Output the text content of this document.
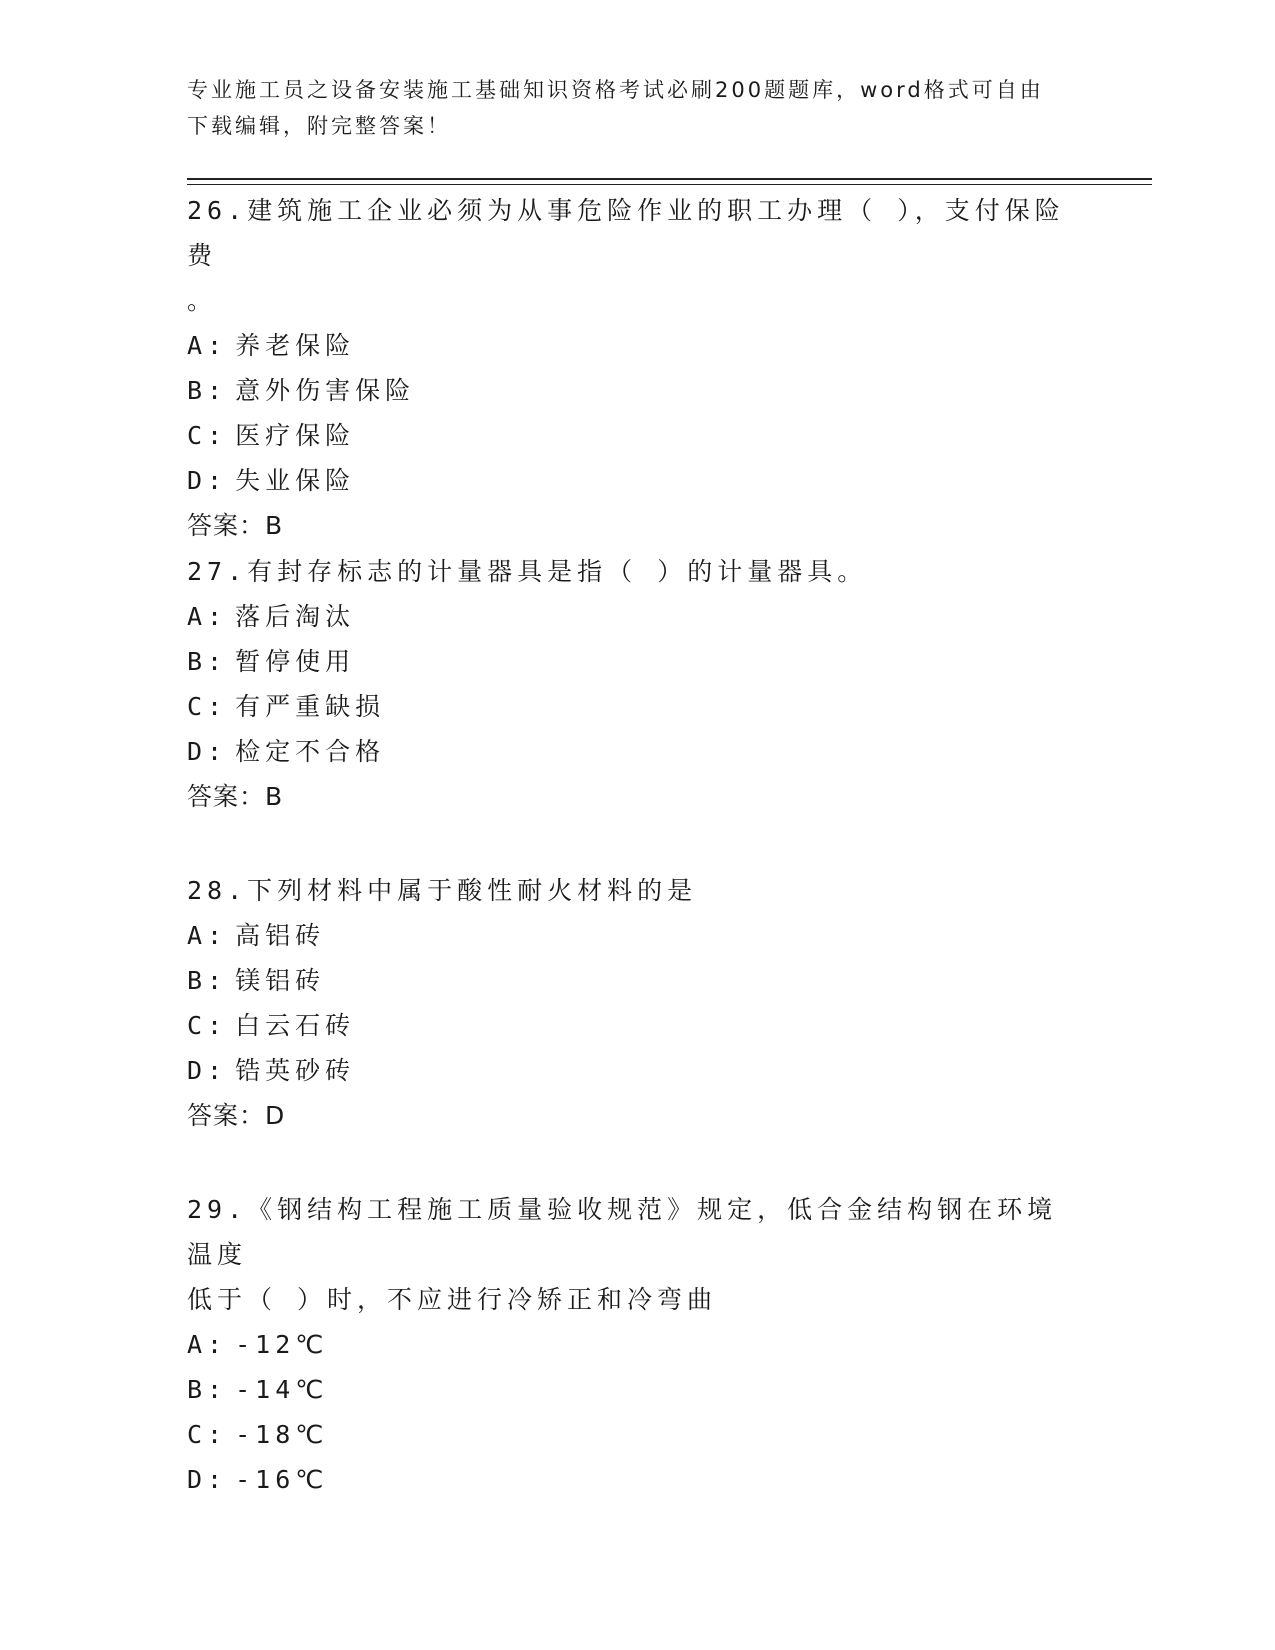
专业施工员之设备安装施工基础知识资格考试必刷200题题库，word格式可自由
下载编辑，附完整答案！
26.建筑施工企业必须为从事危险作业的职工办理（ ），支付保险费
。
A: 养老保险
B: 意外伤害保险
C: 医疗保险
D: 失业保险
答案：B
27.有封存标志的计量器具是指（ ）的计量器具。
A: 落后淘汰
B: 暂停使用
C: 有严重缺损
D: 检定不合格
答案：B
28.下列材料中属于酸性耐火材料的是
A: 高铝砖
B: 镁铝砖
C: 白云石砖
D: 锆英砂砖
答案：D
29.《钢结构工程施工质量验收规范》规定，低合金结构钢在环境温度
低于（ ）时，不应进行冷矫正和冷弯曲
A: -12℃
B: -14℃
C: -18℃
D: -16℃
